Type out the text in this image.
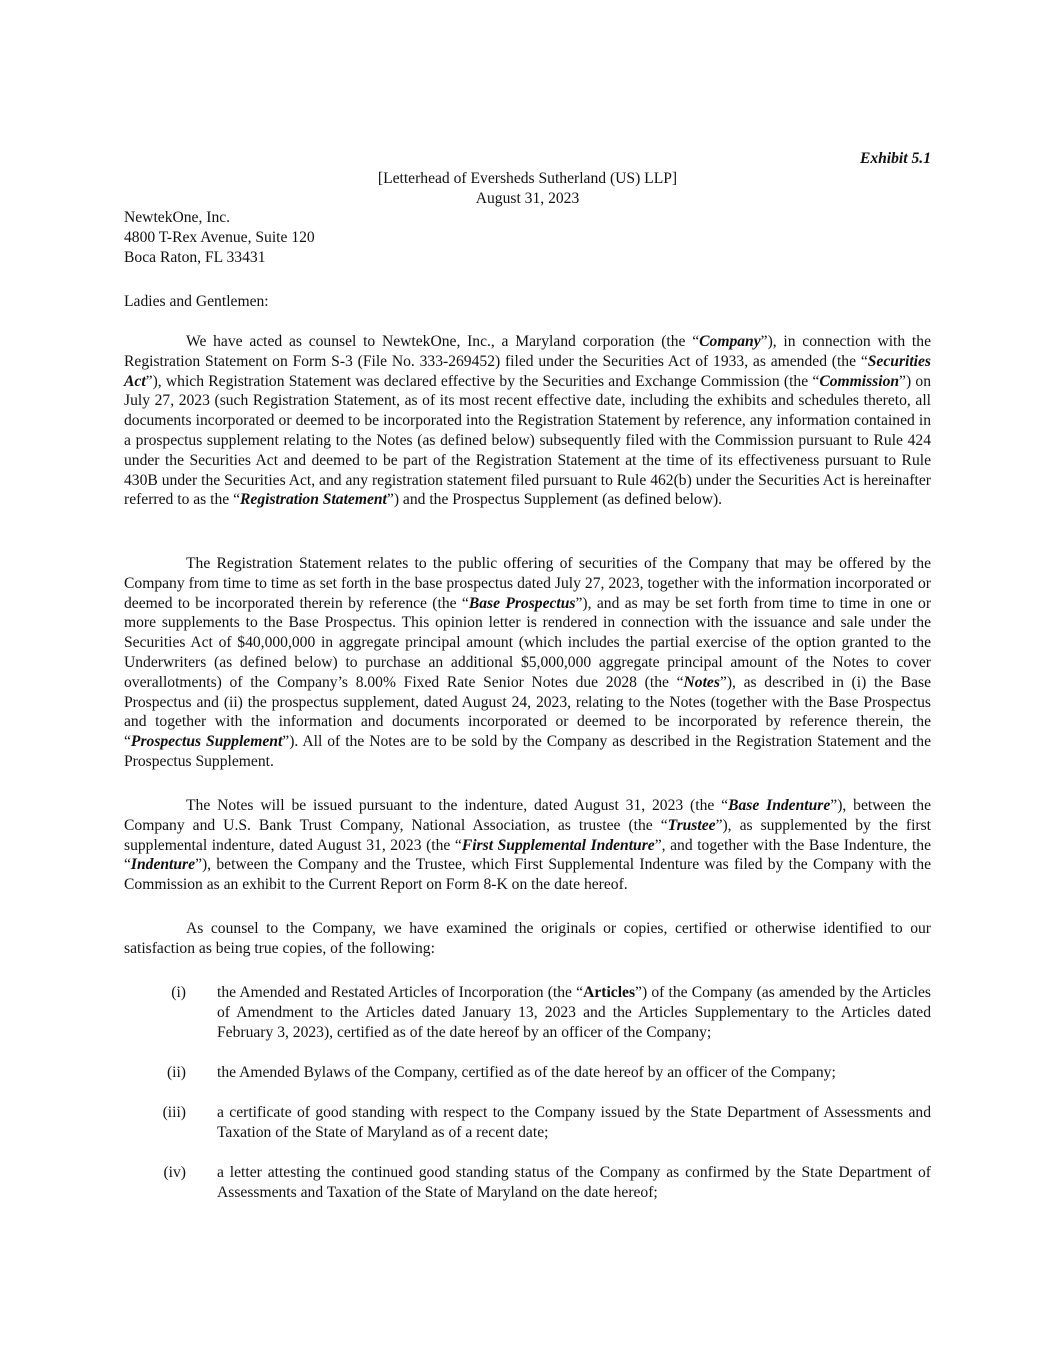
Exhibit 5.1
[Letterhead of Eversheds Sutherland (US) LLP]
August 31, 2023
NewtekOne, Inc.
4800 T-Rex Avenue, Suite 120
Boca Raton, FL 33431
Ladies and Gentlemen:

We have acted as counsel to NewtekOne, Inc., a Maryland corporation (the “Company”), in connection with the Registration Statement on Form S-3 (File No. 333-269452) filed under the Securities Act of 1933, as amended (the “Securities Act”), which Registration Statement was declared effective by the Securities and Exchange Commission (the “Commission”) on July 27, 2023 (such Registration Statement, as of its most recent effective date, including the exhibits and schedules thereto, all documents incorporated or deemed to be incorporated into the Registration Statement by reference, any information contained in a prospectus supplement relating to the Notes (as defined below) subsequently filed with the Commission pursuant to Rule 424 under the Securities Act and deemed to be part of the Registration Statement at the time of its effectiveness pursuant to Rule 430B under the Securities Act, and any registration statement filed pursuant to Rule 462(b) under the Securities Act is hereinafter referred to as the “Registration Statement”) and the Prospectus Supplement (as defined below).

The Registration Statement relates to the public offering of securities of the Company that may be offered by the Company from time to time as set forth in the base prospectus dated July 27, 2023, together with the information incorporated or deemed to be incorporated therein by reference (the “Base Prospectus”), and as may be set forth from time to time in one or more supplements to the Base Prospectus. This opinion letter is rendered in connection with the issuance and sale under the Securities Act of $40,000,000 in aggregate principal amount (which includes the partial exercise of the option granted to the Underwriters (as defined below) to purchase an additional $5,000,000 aggregate principal amount of the Notes to cover overallotments) of the Company’s 8.00% Fixed Rate Senior Notes due 2028 (the “Notes”), as described in (i) the Base Prospectus and (ii) the prospectus supplement, dated August 24, 2023, relating to the Notes (together with the Base Prospectus and together with the information and documents incorporated or deemed to be incorporated by reference therein, the “Prospectus Supplement”). All of the Notes are to be sold by the Company as described in the Registration Statement and the Prospectus Supplement.

The Notes will be issued pursuant to the indenture, dated August 31, 2023 (the “Base Indenture”), between the Company and U.S. Bank Trust Company, National Association, as trustee (the “Trustee”), as supplemented by the first supplemental indenture, dated August 31, 2023 (the “First Supplemental Indenture”, and together with the Base Indenture, the “Indenture”), between the Company and the Trustee, which First Supplemental Indenture was filed by the Company with the Commission as an exhibit to the Current Report on Form 8-K on the date hereof.

As counsel to the Company, we have examined the originals or copies, certified or otherwise identified to our satisfaction as being true copies, of the following:

(i) the Amended and Restated Articles of Incorporation (the “Articles”) of the Company (as amended by the Articles of Amendment to the Articles dated January 13, 2023 and the Articles Supplementary to the Articles dated February 3, 2023), certified as of the date hereof by an officer of the Company;
(ii) the Amended Bylaws of the Company, certified as of the date hereof by an officer of the Company;
(iii) a certificate of good standing with respect to the Company issued by the State Department of Assessments and Taxation of the State of Maryland as of a recent date;
(iv) a letter attesting the continued good standing status of the Company as confirmed by the State Department of Assessments and Taxation of the State of Maryland on the date hereof;
